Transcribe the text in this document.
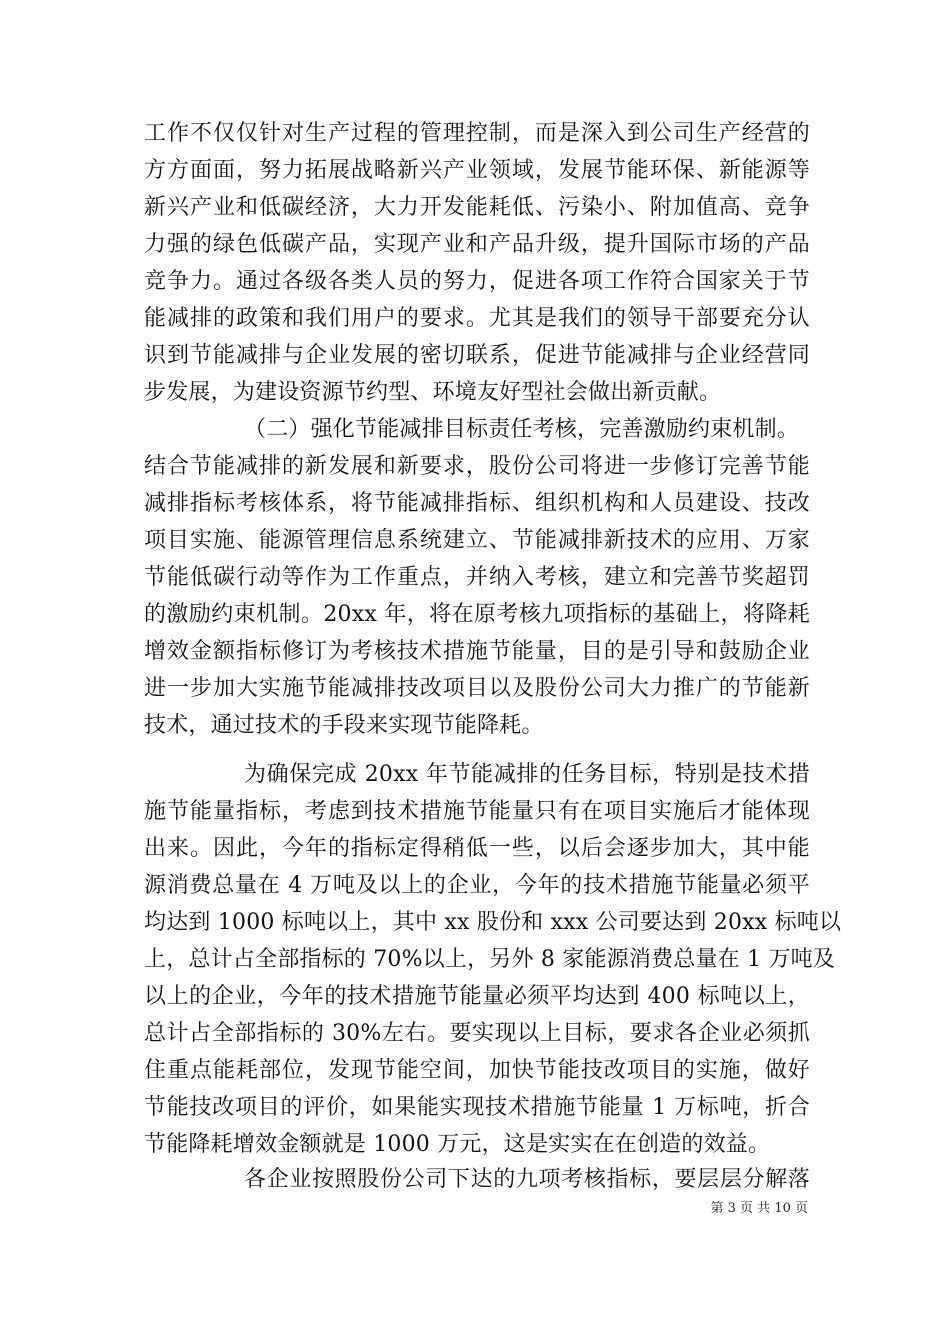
工作不仅仅针对生产过程的管理控制，而是深入到公司生产经营的
方方面面，努力拓展战略新兴产业领域，发展节能环保、新能源等
新兴产业和低碳经济，大力开发能耗低、污染小、附加值高、竞争
力强的绿色低碳产品，实现产业和产品升级，提升国际市场的产品
竞争力。通过各级各类人员的努力，促进各项工作符合国家关于节
能减排的政策和我们用户的要求。尤其是我们的领导干部要充分认
识到节能减排与企业发展的密切联系，促进节能减排与企业经营同
步发展，为建设资源节约型、环境友好型社会做出新贡献。
（二）强化节能减排目标责任考核，完善激励约束机制。
结合节能减排的新发展和新要求，股份公司将进一步修订完善节能
减排指标考核体系，将节能减排指标、组织机构和人员建设、技改
项目实施、能源管理信息系统建立、节能减排新技术的应用、万家
节能低碳行动等作为工作重点，并纳入考核，建立和完善节奖超罚
的激励约束机制。20xx 年，将在原考核九项指标的基础上，将降耗
增效金额指标修订为考核技术措施节能量，目的是引导和鼓励企业
进一步加大实施节能减排技改项目以及股份公司大力推广的节能新
技术，通过技术的手段来实现节能降耗。
为确保完成 20xx 年节能减排的任务目标，特别是技术措
施节能量指标，考虑到技术措施节能量只有在项目实施后才能体现
出来。因此，今年的指标定得稍低一些，以后会逐步加大，其中能
源消费总量在 4 万吨及以上的企业，今年的技术措施节能量必须平
均达到 1000 标吨以上，其中 xx 股份和 xxx 公司要达到 20xx 标吨以
上，总计占全部指标的 70%以上，另外 8 家能源消费总量在 1 万吨及
以上的企业，今年的技术措施节能量必须平均达到 400 标吨以上，
总计占全部指标的 30%左右。要实现以上目标，要求各企业必须抓
住重点能耗部位，发现节能空间，加快节能技改项目的实施，做好
节能技改项目的评价，如果能实现技术措施节能量 1 万标吨，折合
节能降耗增效金额就是 1000 万元，这是实实在在创造的效益。
各企业按照股份公司下达的九项考核指标，要层层分解落
第 3 页 共 10 页
